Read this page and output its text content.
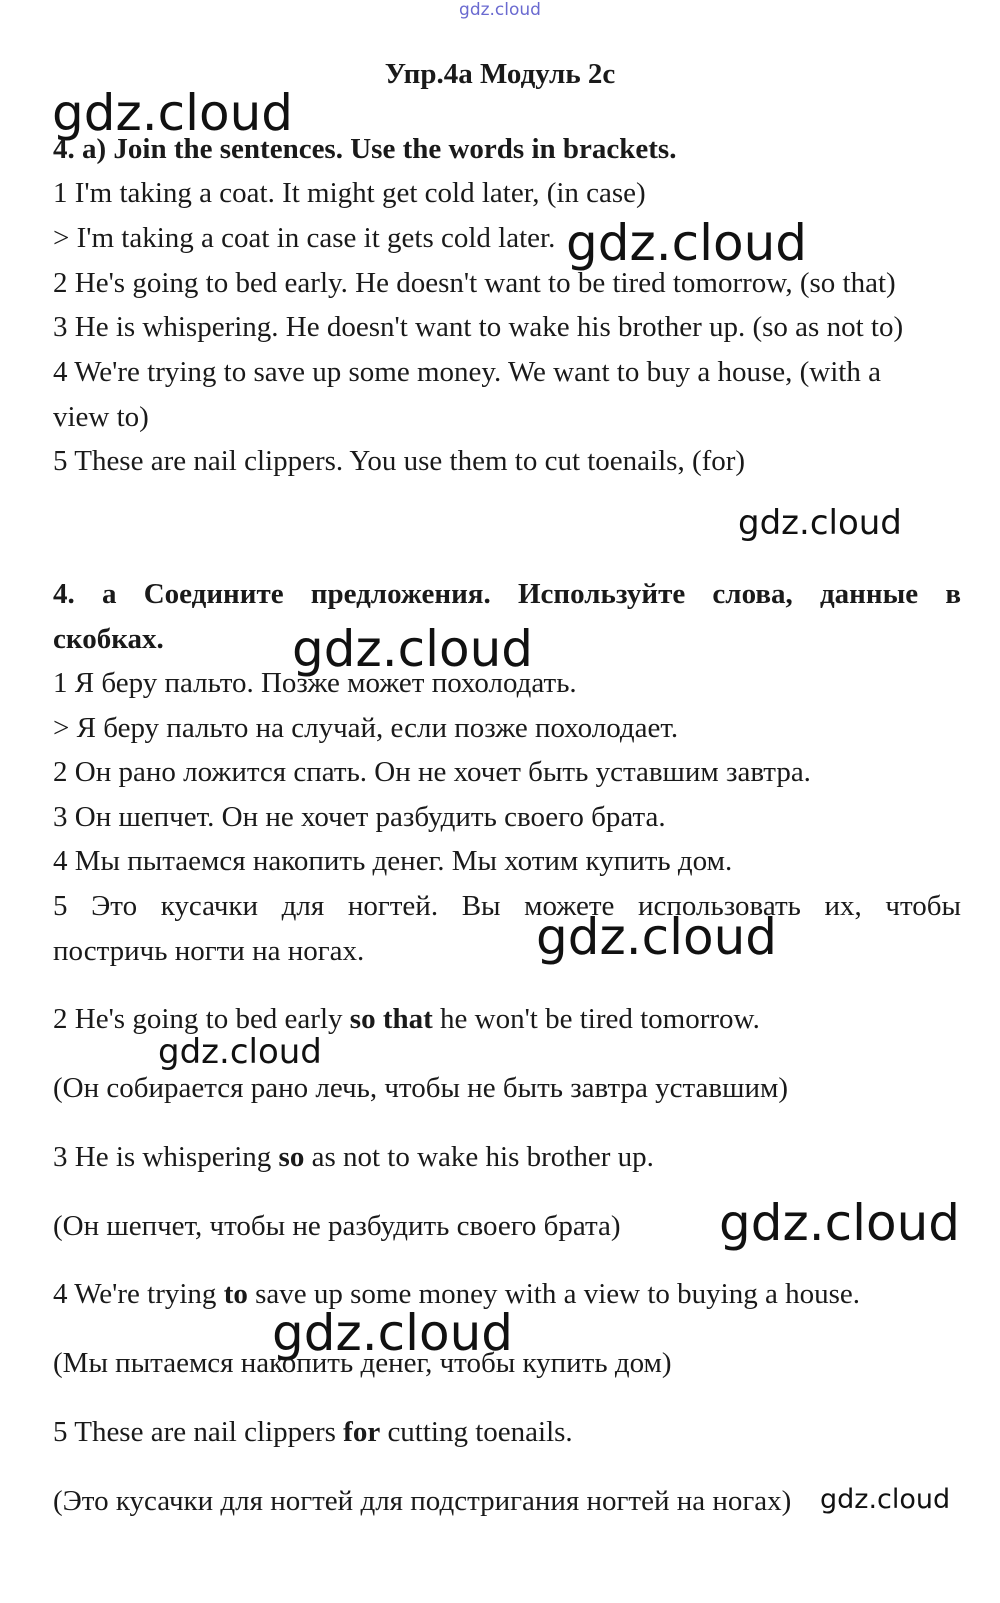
gdz.cloud
gdz.cloud
gdz.cloud
gdz.cloud
gdz.cloud
gdz.cloud
gdz.cloud
gdz.cloud
gdz.cloud
gdz.cloud
Упр.4а Модуль 2с
4. a) Join the sentences. Use the words in brackets.
1 I'm taking a coat. It might get cold later, (in case)
> I'm taking a coat in case it gets cold later.
2 He's going to bed early. He doesn't want to be tired tomorrow, (so that)
3 He is whispering. He doesn't want to wake his brother up. (so as not to)
4 We're trying to save up some money. We want to buy a house, (with a
view to)
5 These are nail clippers. You use them to cut toenails, (for)
4. а Соедините предложения. Используйте слова, данные в
скобках.
1 Я беру пальто. Позже может похолодать.
> Я беру пальто на случай, если позже похолодает.
2 Он рано ложится спать. Он не хочет быть уставшим завтра.
3 Он шепчет. Он не хочет разбудить своего брата.
4 Мы пытаемся накопить денег. Мы хотим купить дом.
5 Это кусачки для ногтей. Вы можете использовать их, чтобы
постричь ногти на ногах.
2 He's going to bed early so that he won't be tired tomorrow.
(Он собирается рано лечь, чтобы не быть завтра уставшим)
3 He is whispering so as not to wake his brother up.
(Он шепчет, чтобы не разбудить своего брата)
4 We're trying to save up some money with a view to buying a house.
(Мы пытаемся накопить денег, чтобы купить дом)
5 These are nail clippers for cutting toenails.
(Это кусачки для ногтей для подстригания ногтей на ногах)
